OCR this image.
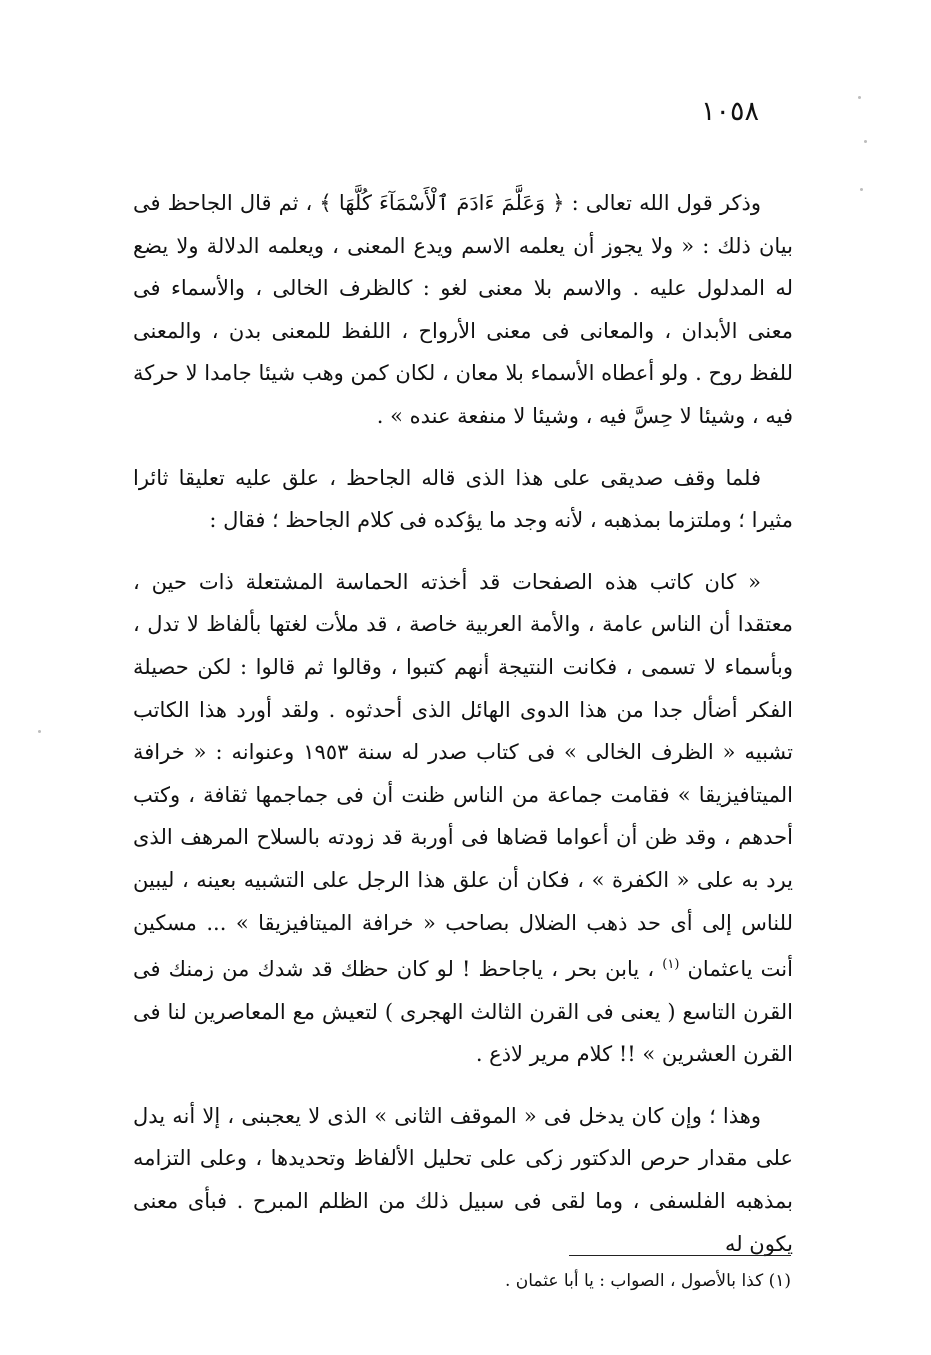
١٠٥٨

وذكر قول الله تعالى : ﴿ وَعَلَّمَ ءَادَمَ ٱلْأَسْمَآءَ كُلَّهَا ﴾ ، ثم قال الجاحظ فى بيان ذلك : « ولا يجوز أن يعلمه الاسم ويدع المعنى ، ويعلمه الدلالة ولا يضع له المدلول عليه . والاسم بلا معنى لغو : كالظرف الخالى ، والأسماء فى معنى الأبدان ، والمعانى فى معنى الأرواح ، اللفظ للمعنى بدن ، والمعنى للفظ روح . ولو أعطاه الأسماء بلا معان ، لكان كمن وهب شيئا جامدا لا حركة فيه ، وشيئا لا حِسَّ فيه ، وشيئا لا منفعة عنده » .

فلما وقف صديقى على هذا الذى قاله الجاحظ ، علق عليه تعليقا ثائرا مثيرا ؛ وملتزما بمذهبه ، لأنه وجد ما يؤكده فى كلام الجاحظ ؛ فقال :

« كان كاتب هذه الصفحات قد أخذته الحماسة المشتعلة ذات حين ، معتقدا أن الناس عامة ، والأمة العربية خاصة ، قد ملأت لغتها بألفاظ لا تدل ، وبأسماء لا تسمى ، فكانت النتيجة أنهم كتبوا ، وقالوا ثم قالوا : لكن حصيلة الفكر أضأل جدا من هذا الدوى الهائل الذى أحدثوه . ولقد أورد هذا الكاتب تشبيه « الظرف الخالى » فى كتاب صدر له سنة ١٩٥٣ وعنوانه : « خرافة الميتافيزيقا » فقامت جماعة من الناس ظنت أن فى جماجمها ثقافة ، وكتب أحدهم ، وقد ظن أن أعواما قضاها فى أوربة قد زودته بالسلاح المرهف الذى يرد به على « الكفرة » ، فكان أن علق هذا الرجل على التشبيه بعينه ، ليبين للناس إلى أى حد ذهب الضلال بصاحب « خرافة الميتافيزيقا » ... مسكين أنت ياعثمان $^{(١)}$ ، يابن بحر ، ياجاحظ ! لو كان حظك قد شدك من زمنك فى القرن التاسع ( يعنى فى القرن الثالث الهجرى ) لتعيش مع المعاصرين لنا فى القرن العشرين » !! كلام مرير لاذع .

وهذا ؛ وإن كان يدخل فى « الموقف الثانى » الذى لا يعجبنى ، إلا أنه يدل على مقدار حرص الدكتور زكى على تحليل الألفاظ وتحديدها ، وعلى التزامه بمذهبه الفلسفى ، وما لقى فى سبيل ذلك من الظلم المبرح . فبأى معنى يكون له

(١) كذا بالأصول ، الصواب : يا أبا عثمان .
